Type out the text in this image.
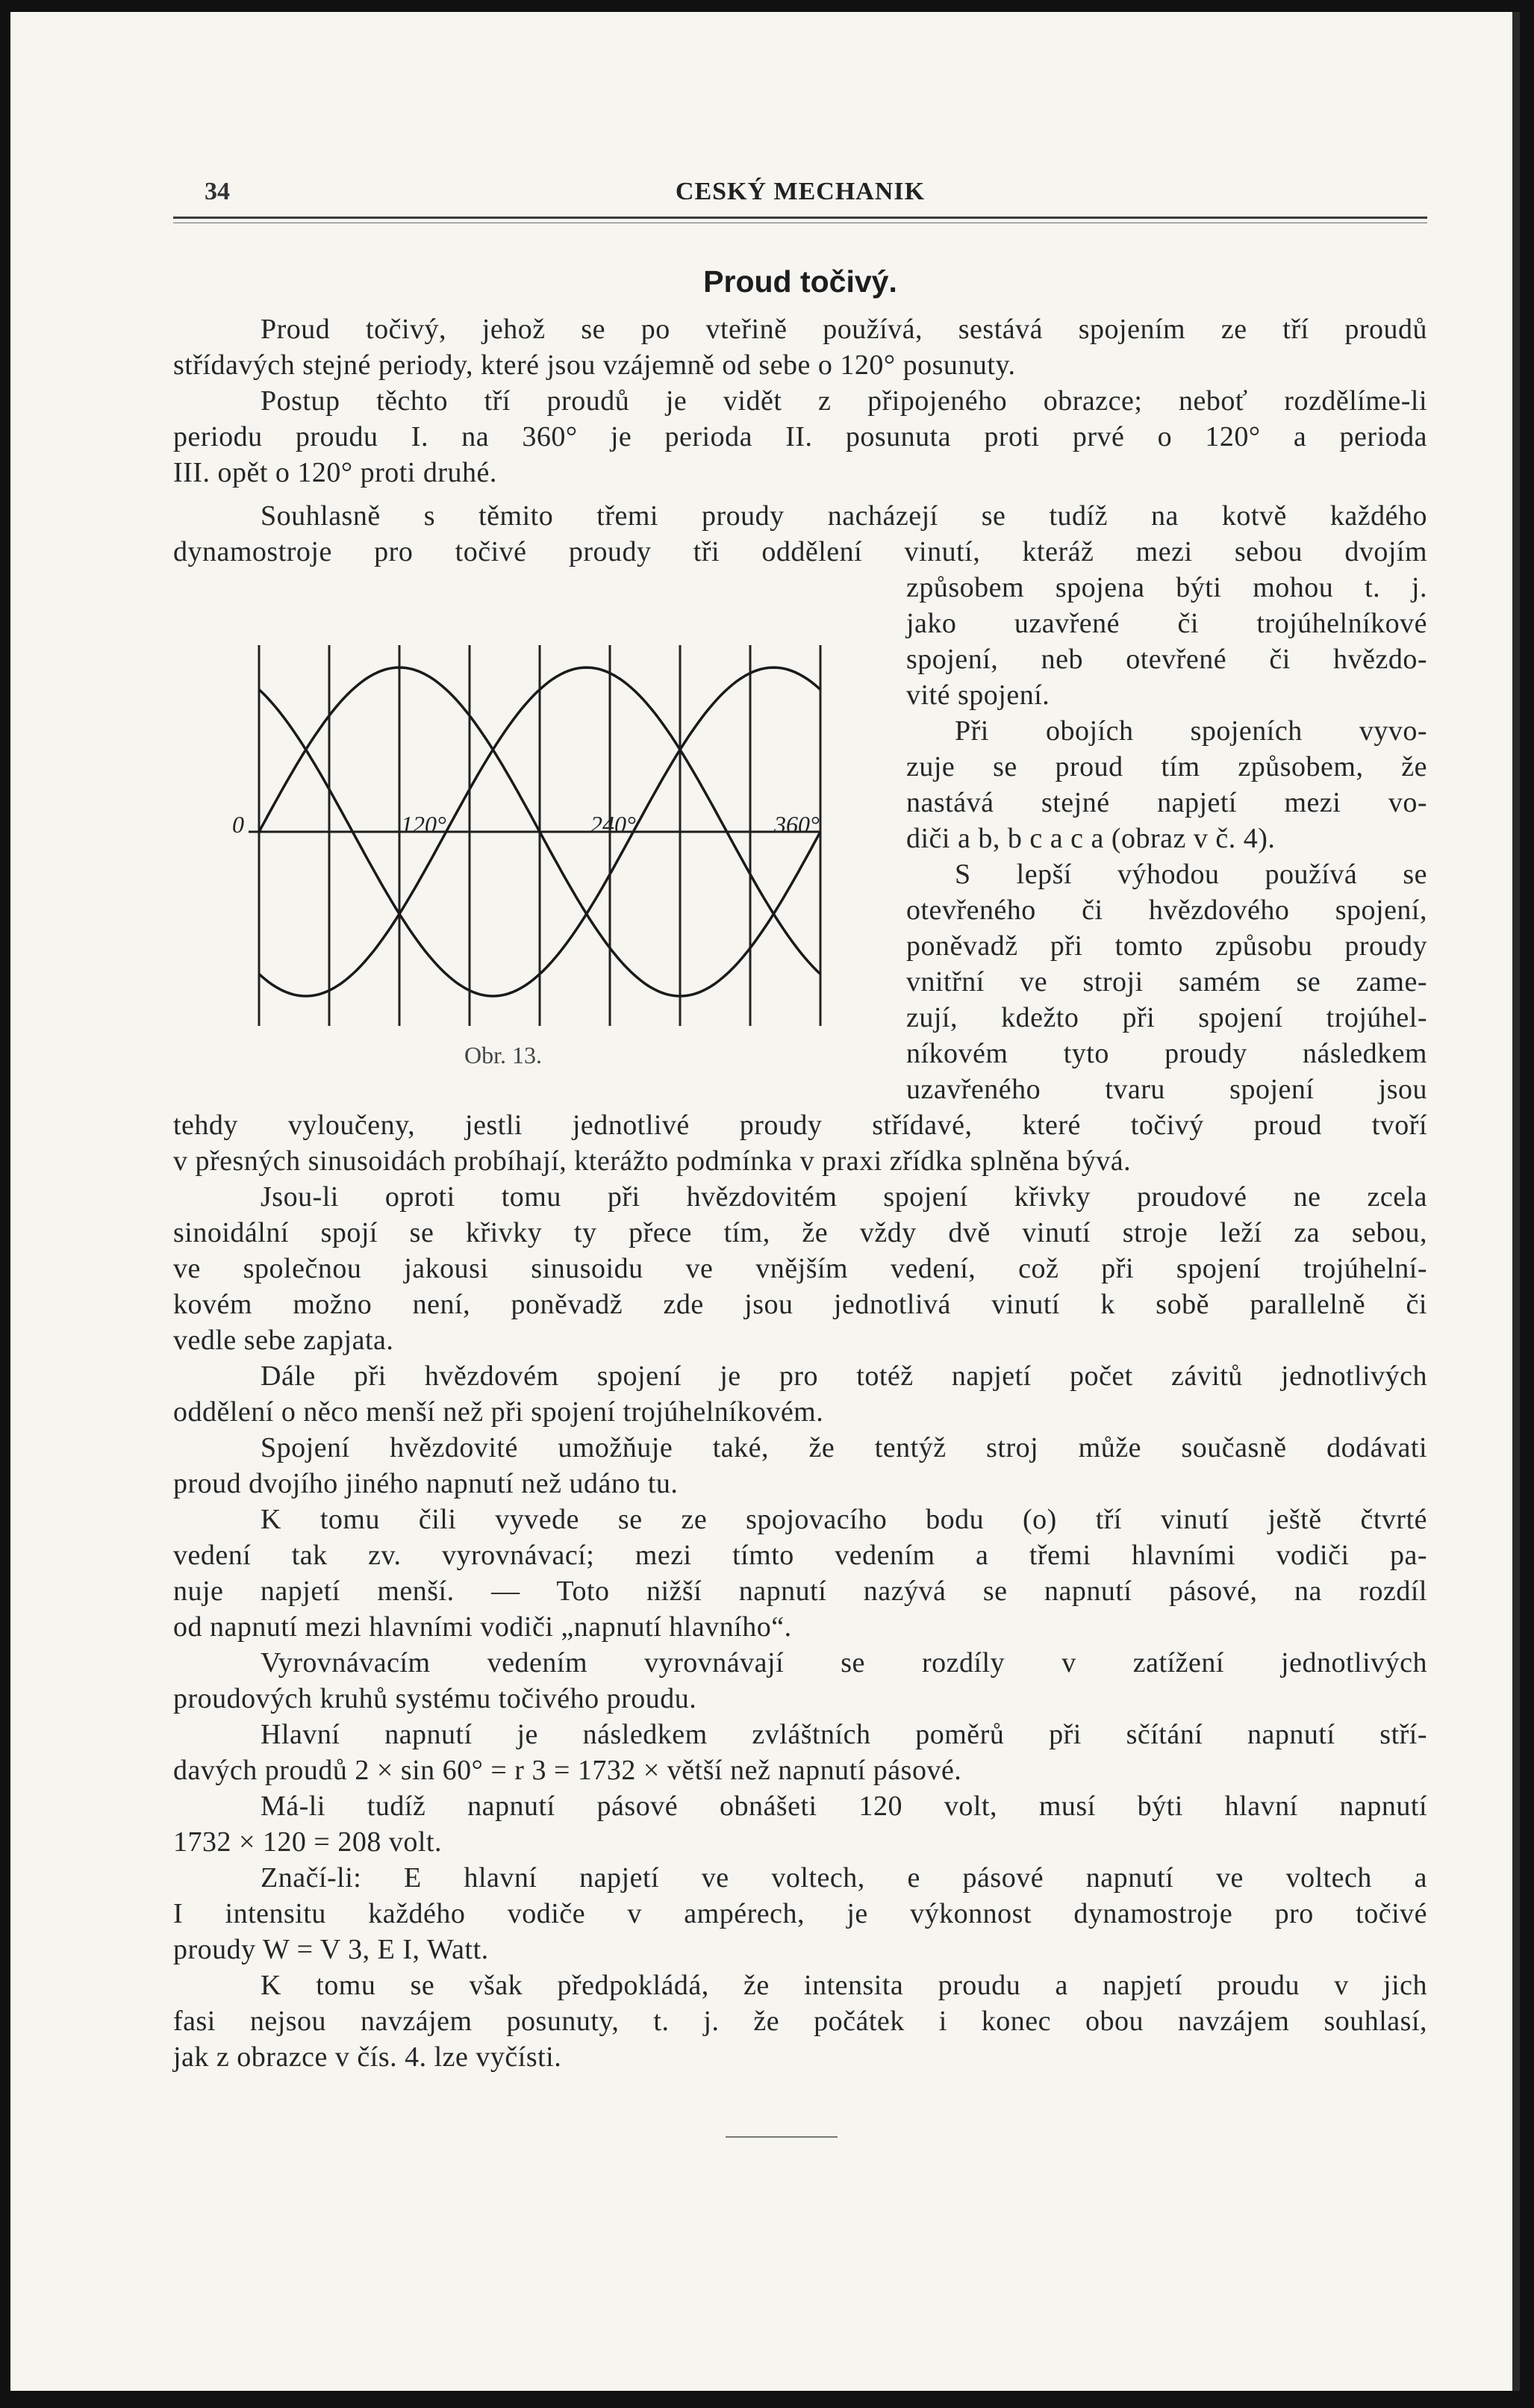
34	CESKÝ MECHANIK
Proud točivý.

Proud točivý, jehož se po vteřině používá, sestává spojením ze tří proudů

střídavých stejné periody, které jsou vzájemně od sebe o 120° posunuty.

Postup těchto tří proudů je vidět z připojeného obrazce; neboť rozdělíme-li

periodu proudu I. na 360° je perioda II. posunuta proti prvé o 120° a perioda

III. opět o 120° proti druhé.

Souhlasně s těmito třemi proudy nacházejí se tudíž na kotvě každého

dynamostroje pro točivé proudy tři oddělení vinutí, kteráž mezi sebou dvojím

způsobem spojena býti mohou t. j.

jako uzavřené či trojúhelníkové

spojení, neb otevřené či hvězdo-

vité spojení.

Při obojích spojeních vyvo-

zuje se proud tím způsobem, že

nastává stejné napjetí mezi vo-

diči a b, b c a c a (obraz v č. 4).

S lepší výhodou používá se

otevřeného či hvězdového spojení,

poněvadž při tomto způsobu proudy

vnitřní ve stroji samém se zame-

zují, kdežto při spojení trojúhel-

níkovém tyto proudy následkem

uzavřeného tvaru spojení jsou

tehdy vyloučeny, jestli jednotlivé proudy střídavé, které točivý proud tvoří

v přesných sinusoidách probíhají, kterážto podmínka v praxi zřídka splněna bývá.

Jsou-li oproti tomu při hvězdovitém spojení křivky proudové ne zcela

sinoidální spojí se křivky ty přece tím, že vždy dvě vinutí stroje leží za sebou,

ve společnou jakousi sinusoidu ve vnějším vedení, což při spojení trojúhelní-

kovém možno není, poněvadž zde jsou jednotlivá vinutí k sobě parallelně či

vedle sebe zapjata.

Dále při hvězdovém spojení je pro totéž napjetí počet závitů jednotlivých

oddělení o něco menší než při spojení trojúhelníkovém.

Spojení hvězdovité umožňuje také, že tentýž stroj může současně dodávati

proud dvojího jiného napnutí než udáno tu.

K tomu čili vyvede se ze spojovacího bodu (o) tří vinutí ještě čtvrté

vedení tak zv. vyrovnávací; mezi tímto vedením a třemi hlavními vodiči pa-

nuje napjetí menší. — Toto nižší napnutí nazývá se napnutí pásové, na rozdíl

od napnutí mezi hlavními vodiči „napnutí hlavního“.

Vyrovnávacím vedením vyrovnávají se rozdíly v zatížení jednotlivých

proudových kruhů systému točivého proudu.

Hlavní napnutí je následkem zvláštních poměrů při sčítání napnutí stří-

davých proudů 2 × sin 60° = r 3 = 1732 × větší než napnutí pásové.

Má-li tudíž napnutí pásové obnášeti 120 volt, musí býti hlavní napnutí

1732 × 120 = 208 volt.

Značí-li: E hlavní napjetí ve voltech, e pásové napnutí ve voltech a

I intensitu každého vodiče v ampérech, je výkonnost dynamostroje pro točivé

proudy W = V 3, E I, Watt.

K tomu se však předpokládá, že intensita proudu a napjetí proudu v jich

fasi nejsou navzájem posunuty, t. j. že počátek i konec obou navzájem souhlasí,

jak z obrazce v čís. 4. lze vyčísti.

0	120°	240°	360°
Obr. 13.
